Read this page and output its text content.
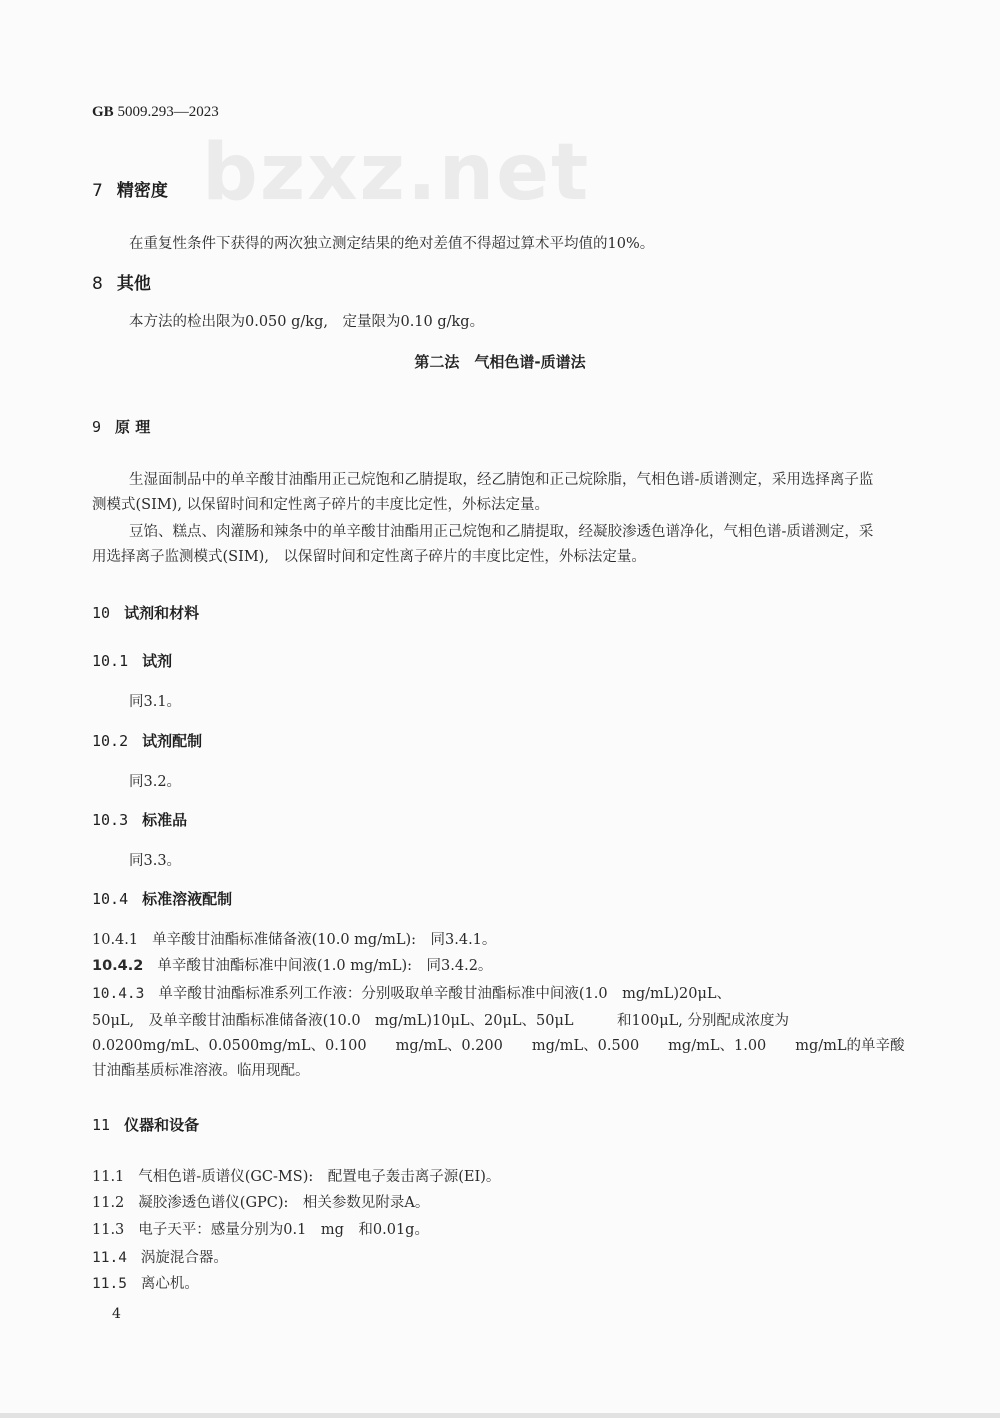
GB 5009.293—2023
bzxz.net
7 精密度
在重复性条件下获得的两次独立测定结果的绝对差值不得超过算术平均值的10%。
8 其他
本方法的检出限为0.050 g/kg,　定量限为0.10 g/kg。
第二法　气相色谱-质谱法
9 原 理
生湿面制品中的单辛酸甘油酯用正己烷饱和乙腈提取，经乙腈饱和正己烷除脂，气相色谱-质谱测定，采用选择离子监测模式(SIM), 以保留时间和定性离子碎片的丰度比定性，外标法定量。
豆馅、糕点、肉灌肠和辣条中的单辛酸甘油酯用正己烷饱和乙腈提取，经凝胶渗透色谱净化，气相色谱-质谱测定，采用选择离子监测模式(SIM),　以保留时间和定性离子碎片的丰度比定性，外标法定量。
10 试剂和材料
10.1 试剂
同3.1。
10.2 试剂配制
同3.2。
10.3 标准品
同3.3。
10.4 标准溶液配制
10.4.1 单辛酸甘油酯标准储备液(10.0 mg/mL):　同3.4.1。
10.4.2 单辛酸甘油酯标准中间液(1.0 mg/mL):　同3.4.2。
10.4.3 单辛酸甘油酯标准系列工作液：分别吸取单辛酸甘油酯标准中间液(1.0　mg/mL)20μL、
50μL,　及单辛酸甘油酯标准储备液(10.0　mg/mL)10μL、20μL、50μL　　　和100μL, 分别配成浓度为
0.0200mg/mL、0.0500mg/mL、0.100　　mg/mL、0.200　　mg/mL、0.500　　mg/mL、1.00　　mg/mL的单辛酸
甘油酯基质标准溶液。临用现配。
11 仪器和设备
11.1 气相色谱-质谱仪(GC-MS):　配置电子轰击离子源(EI)。
11.2 凝胶渗透色谱仪(GPC):　相关参数见附录A。
11.3 电子天平：感量分别为0.1　mg　和0.01g。
11.4 涡旋混合器。
11.5 离心机。
4
